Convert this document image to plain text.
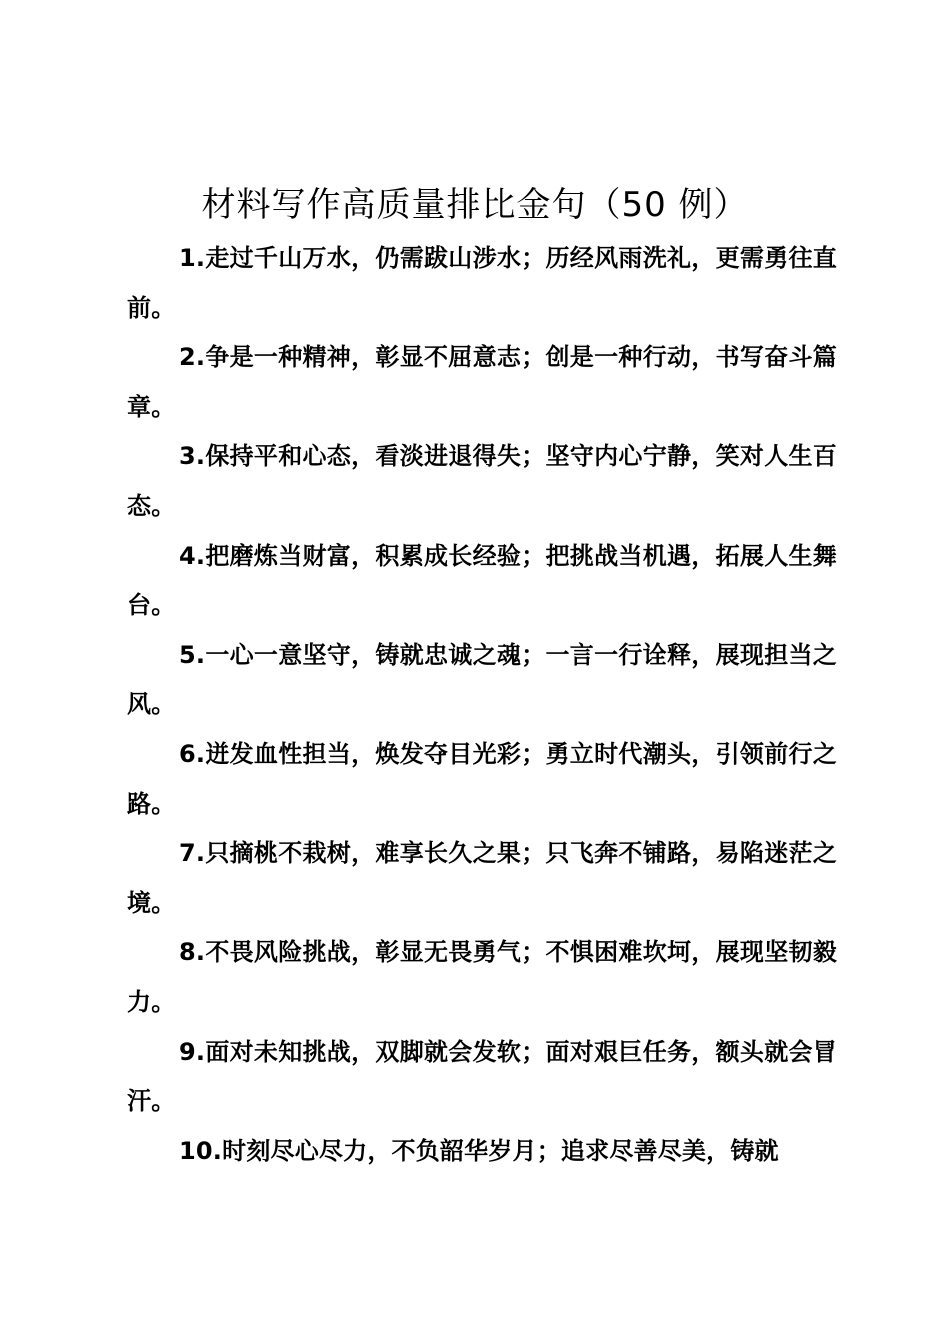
材料写作高质量排比金句（50 例）

1.走过千山万水，仍需跋山涉水；历经风雨洗礼，更需勇往直前。

2.争是一种精神，彰显不屈意志；创是一种行动，书写奋斗篇章。

3.保持平和心态，看淡进退得失；坚守内心宁静，笑对人生百态。

4.把磨炼当财富，积累成长经验；把挑战当机遇，拓展人生舞台。

5.一心一意坚守，铸就忠诚之魂；一言一行诠释，展现担当之风。

6.迸发血性担当，焕发夺目光彩；勇立时代潮头，引领前行之路。

7.只摘桃不栽树，难享长久之果；只飞奔不铺路，易陷迷茫之境。

8.不畏风险挑战，彰显无畏勇气；不惧困难坎坷，展现坚韧毅力。

9.面对未知挑战，双脚就会发软；面对艰巨任务，额头就会冒汗。

10.时刻尽心尽力，不负韶华岁月；追求尽善尽美，铸就
